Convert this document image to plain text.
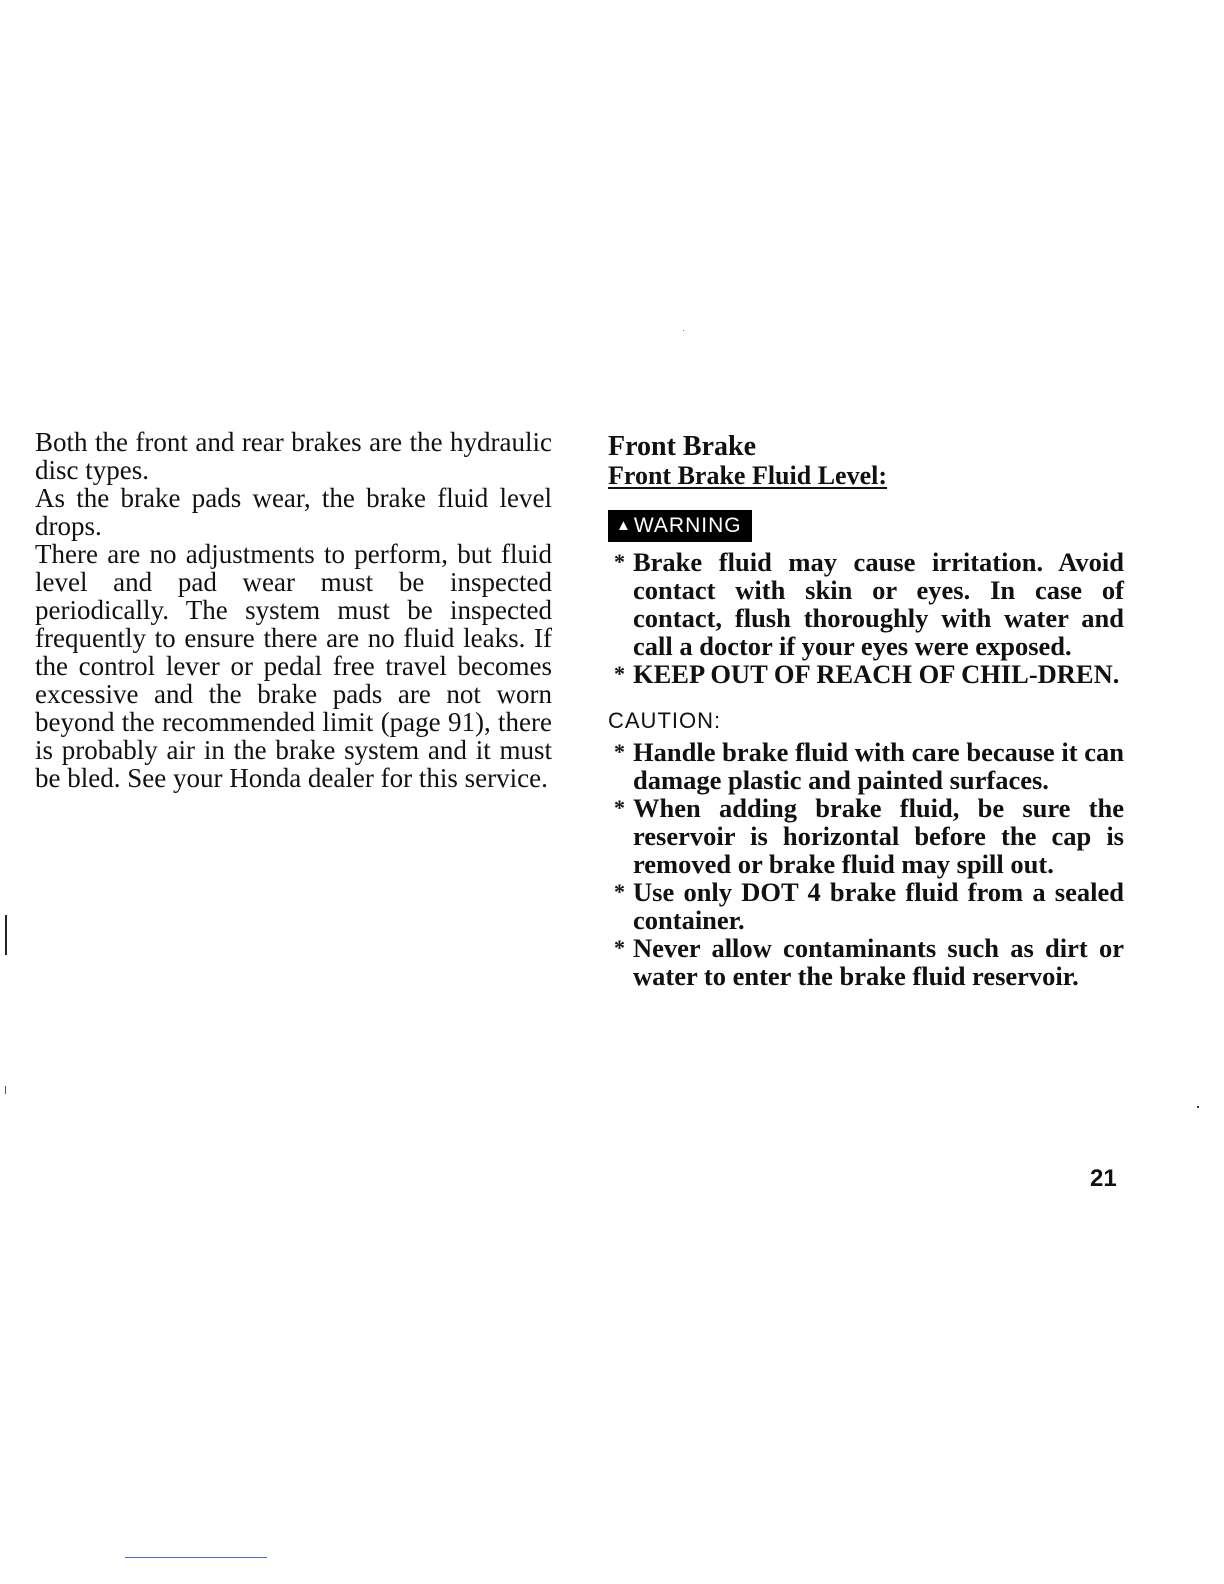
Both the front and rear brakes are the hydraulic disc types.

As the brake pads wear, the brake fluid level drops.

There are no adjustments to perform, but fluid level and pad wear must be inspected periodically. The system must be inspected frequently to ensure there are no fluid leaks. If the control lever or pedal free travel becomes excessive and the brake pads are not worn beyond the recommended limit (page 91), there is probably air in the brake system and it must be bled. See your Honda dealer for this service.

Front Brake
Front Brake Fluid Level:
▲WARNING
* Brake fluid may cause irritation. Avoid contact with skin or eyes. In case of contact, flush thoroughly with water and call a doctor if your eyes were exposed.
* KEEP OUT OF REACH OF CHIL-DREN.
CAUTION:
* Handle brake fluid with care because it can damage plastic and painted surfaces.
* When adding brake fluid, be sure the reservoir is horizontal before the cap is removed or brake fluid may spill out.
* Use only DOT 4 brake fluid from a sealed container.
* Never allow contaminants such as dirt or water to enter the brake fluid reservoir.
21
